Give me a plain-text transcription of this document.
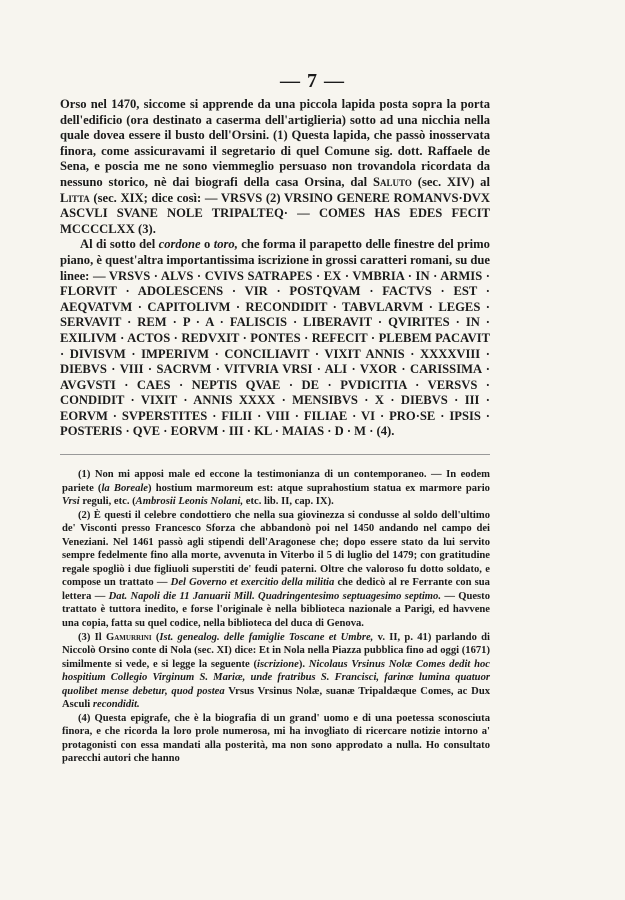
— 7 —

Orso nel 1470, siccome si apprende da una piccola lapida posta sopra la porta dell'edificio (ora destinato a caserma dell'artiglieria) sotto ad una nicchia nella quale dovea essere il busto dell'Orsini. (1) Questa lapida, che passò inosservata finora, come assicuravami il segretario di quel Comune sig. dott. Raffaele de Sena, e poscia me ne sono viemmeglio persuaso non trovandola ricordata da nessuno storico, nè dai biografi della casa Orsina, dal Saluto (sec. XIV) al Litta (sec. XIX; dice così: — VRSVS (2) VRSINO GENERE ROMANVS·DVX ASCVLI SVANE NOLE TRIPALTEQ· — COMES HAS EDES FECIT MCCCCLXX (3).

Al di sotto del cordone o toro, che forma il parapetto delle finestre del primo piano, è quest'altra importantissima iscrizione in grossi caratteri romani, su due linee: — VRSVS · ALVS · CVIVS SATRAPES · EX · VMBRIA · IN · ARMIS · FLORVIT · ADOLESCENS · VIR · POSTQVAM · FACTVS · EST · AEQVATVM · CAPITOLIVM · RECONDIDIT · TABVLARVM · LEGES · SERVAVIT · REM · P · A · FALISCIS · LIBERAVIT · QVIRITES · IN · EXILIVM · ACTOS · REDVXIT · PONTES · REFECIT · PLEBEM PACAVIT · DIVISVM · IMPERIVM · CONCILIAVIT · VIXIT ANNIS · XXXXVIII · DIEBVS · VIII · SACRVM · VITVRIA VRSI · ALI · VXOR · CARISSIMA · AVGVSTI · CAES · NEPTIS QVAE · DE · PVDICITIA · VERSVS · CONDIDIT · VIXIT · ANNIS XXXX · MENSIBVS · X · DIEBVS · III · EORVM · SVPERSTITES · FILII · VIII · FILIAE · VI · PRO·SE · IPSIS · POSTERIS · QVE · EORVM · III · KL · MAIAS · D · M · (4).

(1) Non mi apposi male ed eccone la testimonianza di un contemporaneo. — In eodem pariete (la Boreale) hostium marmoreum est: atque suprahostium statua ex marmore pario Vrsi reguli, etc. (Ambrosii Leonis Nolani, etc. lib. II, cap. IX).

(2) È questi il celebre condottiero che nella sua giovinezza si condusse al soldo dell'ultimo de' Visconti presso Francesco Sforza che abbandonò poi nel 1450 andando nel campo dei Veneziani. Nel 1461 passò agli stipendi dell'Aragonese che; dopo essere stato da lui servito sempre fedelmente fino alla morte, avvenuta in Viterbo il 5 di luglio del 1479; con gratitudine regale spogliò i due figliuoli superstiti de' feudi paterni. Oltre che valoroso fu dotto soldato, e compose un trattato — Del Governo et exercitio della militia che dedicò al re Ferrante con sua lettera — Dat. Napoli die 11 Januarii Mill. Quadringentesimo septuagesimo septimo. — Questo trattato è tuttora inedito, e forse l'originale è nella biblioteca nazionale a Parigi, ed havvene una copia, fatta su quel codice, nella biblioteca del duca di Genova.

(3) Il Gamurrini (Ist. genealog. delle famiglie Toscane et Umbre, v. II, p. 41) parlando di Niccolò Orsino conte di Nola (sec. XI) dice: Et in Nola nella Piazza pubblica fino ad oggi (1671) similmente si vede, e si legge la seguente (iscrizione). Nicolaus Vrsinus Nolæ Comes dedit hoc hospitium Collegio Virginum S. Mariæ, unde fratribus S. Francisci, farinæ lumina quatuor quolibet mense debetur, quod postea Vrsus Vrsinus Nolæ, suanæ Tripaldæque Comes, ac Dux Asculi recondidit.

(4) Questa epigrafe, che è la biografia di un grand' uomo e di una poetessa sconosciuta finora, e che ricorda la loro prole numerosa, mi ha invogliato di ricercare notizie intorno a' protagonisti con essa mandati alla posterità, ma non sono approdato a nulla. Ho consultato parecchi autori che hanno
